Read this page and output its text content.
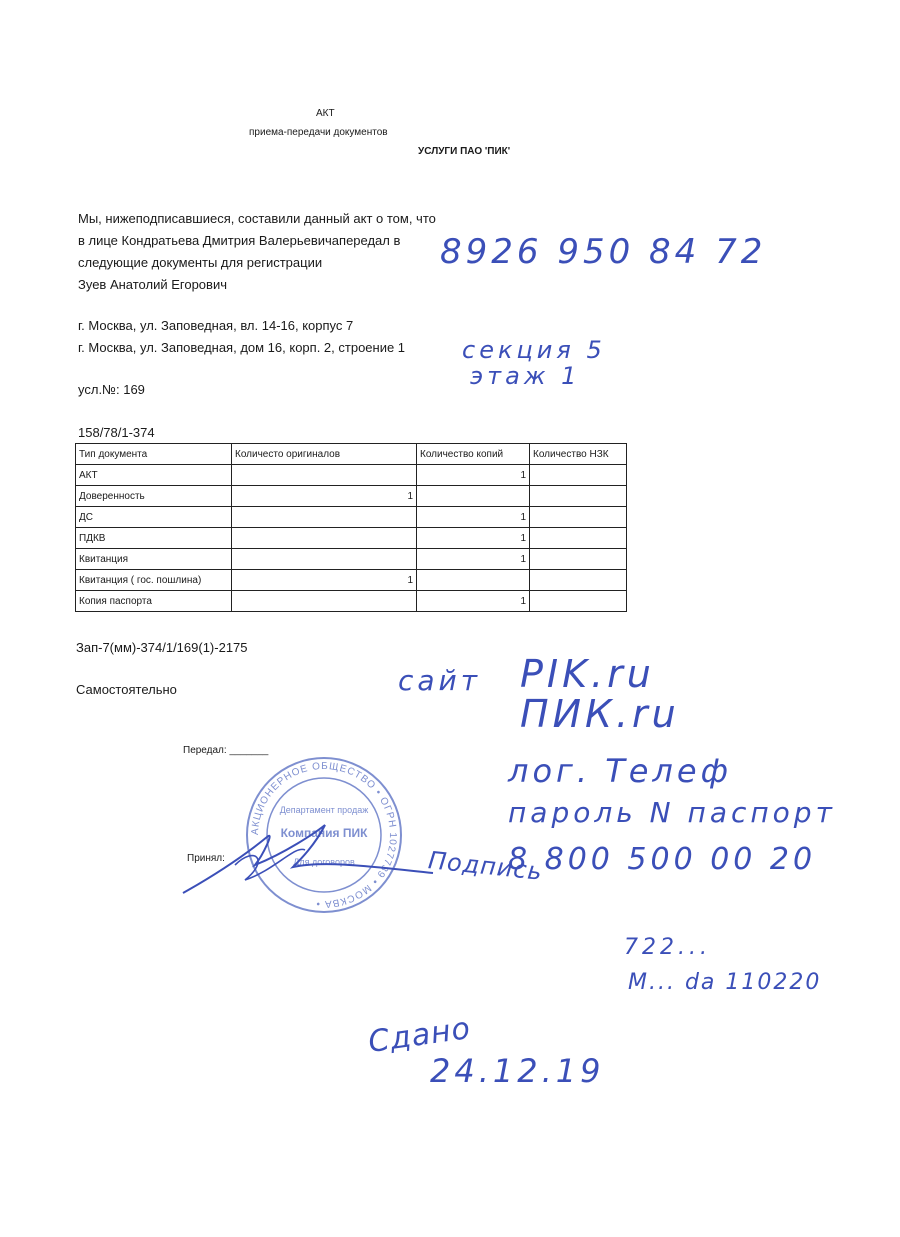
АКТ
приема-передачи документов
УСЛУГИ ПАО 'ПИК'
Мы, нижеподписавшиеся, составили данный акт о том, что
в лице Кондратьева Дмитрия Валерьевичапередал в
следующие документы для регистрации
Зуев Анатолий Егорович
г. Москва, ул. Заповедная, вл. 14-16, корпус 7
г. Москва, ул. Заповедная, дом 16, корп. 2, строение 1
усл.№: 169
158/78/1-374
Тип документа	Количесто оригиналов	Количество копий	Количество НЗК
АКТ		1	
Доверенность	1		
ДС		1	
ПДКВ		1	
Квитанция		1	
Квитанция ( гос. пошлина)	1		
Копия паспорта		1	
Зап-7(мм)-374/1/169(1)-2175
Самостоятельно
Передал: _______
Принял:
АКЦИОНЕРНОЕ ОБЩЕСТВО • ОГРН 1027739 • МОСКВА •
Департамент продаж
Компания ПИК
Для договоров
8926 950 84 72
секция 5
этаж 1
сайт PIK.ru
ПИК.ru
лог. Телеф
пароль N паспорт
8 800 500 00 20
Подпись
722...
M... da 110220
Сдано
24.12.19
